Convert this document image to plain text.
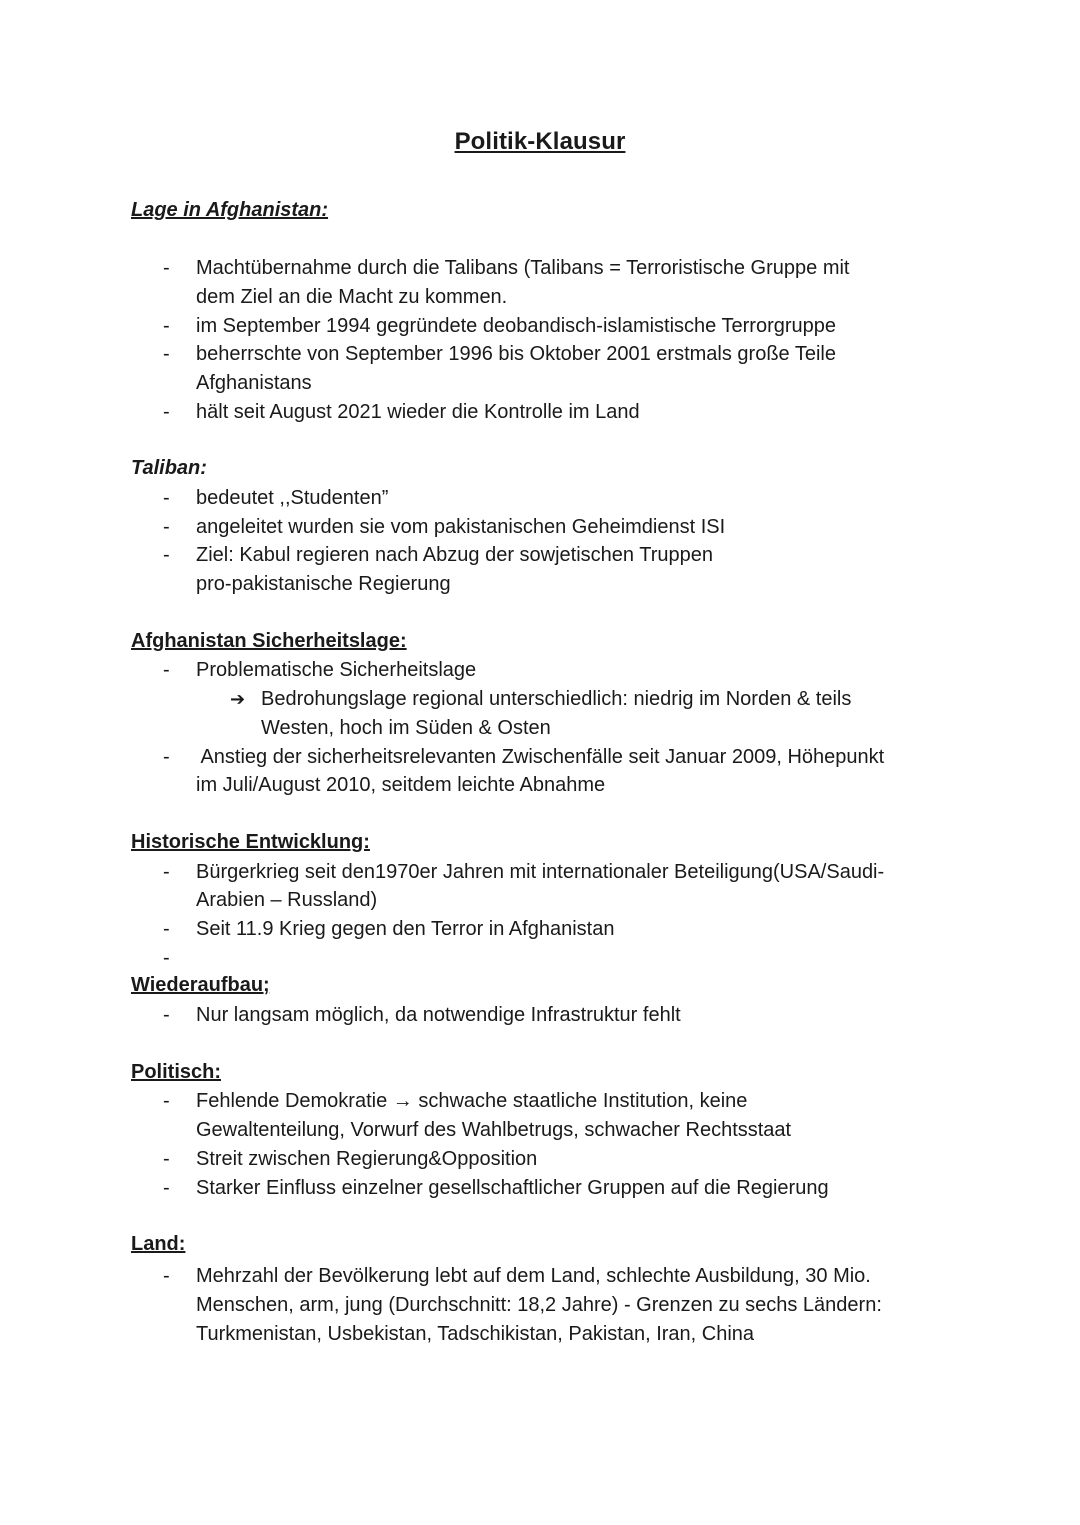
Politik-Klausur
Lage in Afghanistan:
- Machtübernahme durch die Talibans (Talibans = Terroristische Gruppe mit
dem Ziel an die Macht zu kommen.
- im September 1994 gegründete deobandisch-islamistische Terrorgruppe
- beherrschte von September 1996 bis Oktober 2001 erstmals große Teile
Afghanistans
- hält seit August 2021 wieder die Kontrolle im Land
Taliban:
- bedeutet ,,Studenten”
- angeleitet wurden sie vom pakistanischen Geheimdienst ISI
- Ziel: Kabul regieren nach Abzug der sowjetischen Truppen
pro-pakistanische Regierung
Afghanistan Sicherheitslage:
- Problematische Sicherheitslage
➔ Bedrohungslage regional unterschiedlich: niedrig im Norden & teils
Westen, hoch im Süden & Osten
- Anstieg der sicherheitsrelevanten Zwischenfälle seit Januar 2009, Höhepunkt
im Juli/August 2010, seitdem leichte Abnahme
Historische Entwicklung:
- Bürgerkrieg seit den1970er Jahren mit internationaler Beteiligung(USA/Saudi-
Arabien – Russland)
- Seit 11.9 Krieg gegen den Terror in Afghanistan
-
Wiederaufbau;
- Nur langsam möglich, da notwendige Infrastruktur fehlt
Politisch:
- Fehlende Demokratie → schwache staatliche Institution, keine
Gewaltenteilung, Vorwurf des Wahlbetrugs, schwacher Rechtsstaat
- Streit zwischen Regierung&Opposition
- Starker Einfluss einzelner gesellschaftlicher Gruppen auf die Regierung
Land:
- Mehrzahl der Bevölkerung lebt auf dem Land, schlechte Ausbildung, 30 Mio.
Menschen, arm, jung (Durchschnitt: 18,2 Jahre) - Grenzen zu sechs Ländern:
Turkmenistan, Usbekistan, Tadschikistan, Pakistan, Iran, China
